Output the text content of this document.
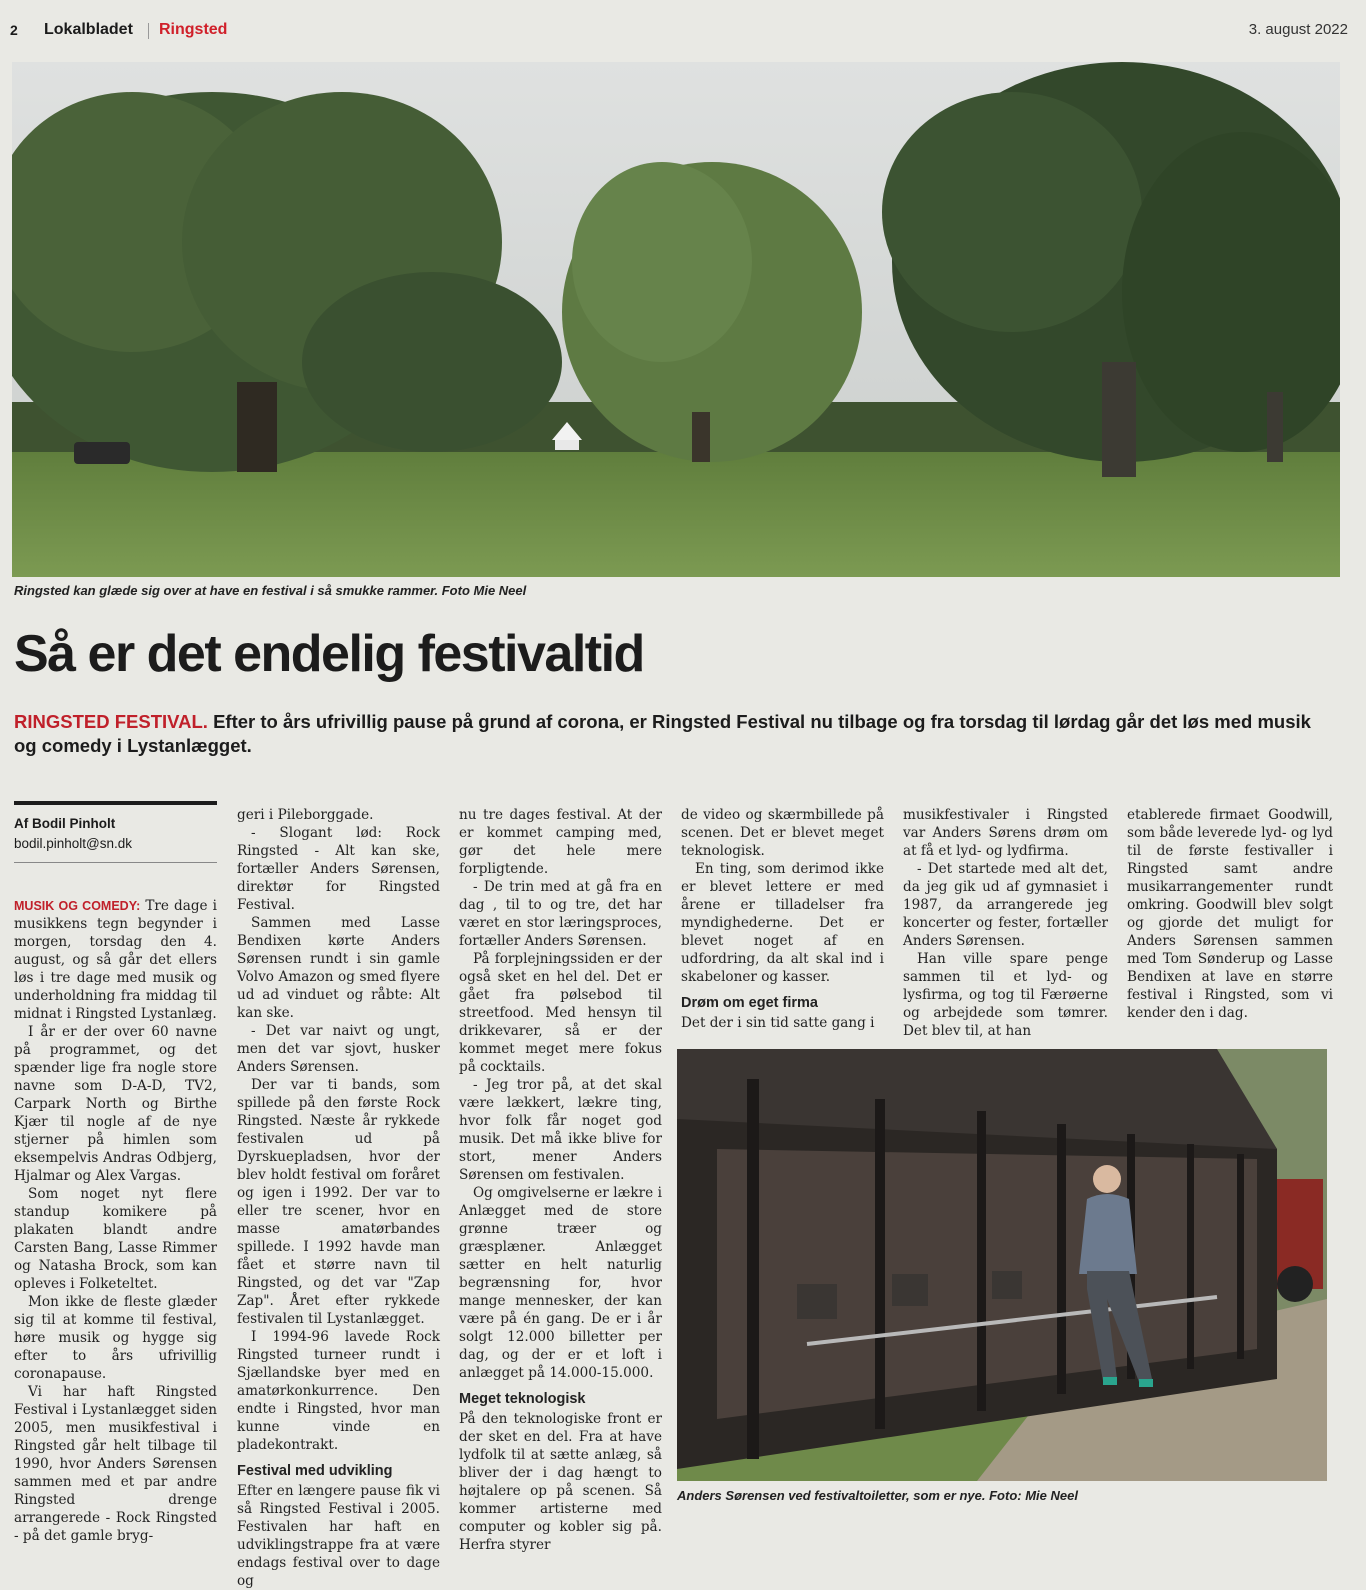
2 Lokalbladet Ringsted	3. august 2022
Ringsted kan glæde sig over at have en festival i så smukke rammer. Foto Mie Neel
Så er det endelig festivaltid
RINGSTED FESTIVAL. Efter to års ufrivillig pause på grund af corona, er Ringsted Festival nu tilbage og fra torsdag til lørdag går det løs med musik og comedy i Lystanlægget.
Af Bodil Pinholt
bodil.pinholt@sn.dk

MUSIK OG COMEDY: Tre dage i musikkens tegn begynder i morgen, torsdag den 4. august, og så går det ellers løs i tre dage med musik og underholdning fra middag til midnat i Ringsted Lystanlæg.

I år er der over 60 navne på programmet, og det spænder lige fra nogle store navne som D-A-D, TV2, Carpark North og Birthe Kjær til nogle af de nye stjerner på himlen som eksempelvis Andras Odbjerg, Hjalmar og Alex Vargas.

Som noget nyt flere standup komikere på plakaten blandt andre Carsten Bang, Lasse Rimmer og Natasha Brock, som kan opleves i Folketeltet.

Mon ikke de fleste glæder sig til at komme til festival, høre musik og hygge sig efter to års ufrivillig coronapause.

Vi har haft Ringsted Festival i Lystanlægget siden 2005, men musikfestival i Ringsted går helt tilbage til 1990, hvor Anders Sørensen sammen med et par andre Ringsted drenge arrangerede - Rock Ringsted - på det gamle bryg-

geri i Pileborggade.

- Slogant lød: Rock Ringsted - Alt kan ske, fortæller Anders Sørensen, direktør for Ringsted Festival.

Sammen med Lasse Bendixen kørte Anders Sørensen rundt i sin gamle Volvo Amazon og smed flyere ud ad vinduet og råbte: Alt kan ske.

- Det var naivt og ungt, men det var sjovt, husker Anders Sørensen.

Der var ti bands, som spillede på den første Rock Ringsted. Næste år rykkede festivalen ud på Dyrskuepladsen, hvor der blev holdt festival om foråret og igen i 1992. Der var to eller tre scener, hvor en masse amatørbandes spillede. I 1992 havde man fået et større navn til Ringsted, og det var "Zap Zap". Året efter rykkede festivalen til Lystanlægget.

I 1994-96 lavede Rock Ringsted turneer rundt i Sjællandske byer med en amatørkonkurrence. Den endte i Ringsted, hvor man kunne vinde en pladekontrakt.

Festival med udvikling

Efter en længere pause fik vi så Ringsted Festival i 2005. Festivalen har haft en udviklingstrappe fra at være endags festival over to dage og

nu tre dages festival. At der er kommet camping med, gør det hele mere forpligtende.

- De trin med at gå fra en dag , til to og tre, det har været en stor læringsproces, fortæller Anders Sørensen.

På forplejningssiden er der også sket en hel del. Det er gået fra pølsebod til streetfood. Med hensyn til drikkevarer, så er der kommet meget mere fokus på cocktails.

- Jeg tror på, at det skal være lækkert, lækre ting, hvor folk får noget god musik. Det må ikke blive for stort, mener Anders Sørensen om festivalen.

Og omgivelserne er lækre i Anlægget med de store grønne træer og græsplæner. Anlægget sætter en helt naturlig begrænsning for, hvor mange mennesker, der kan være på én gang. De er i år solgt 12.000 billetter per dag, og der er et loft i anlægget på 14.000-15.000.

Meget teknologisk

På den teknologiske front er der sket en del. Fra at have lydfolk til at sætte anlæg, så bliver der i dag hængt to højtalere op på scenen. Så kommer artisterne med computer og kobler sig på. Herfra styrer

de video og skærmbillede på scenen. Det er blevet meget teknologisk.

En ting, som derimod ikke er blevet lettere er med årene er tilladelser fra myndighederne. Det er blevet noget af en udfordring, da alt skal ind i skabeloner og kasser.

Drøm om eget firma

Det der i sin tid satte gang i

musikfestivaler i Ringsted var Anders Sørens drøm om at få et lyd- og lydfirma.

- Det startede med alt det, da jeg gik ud af gymnasiet i 1987, da arrangerede jeg koncerter og fester, fortæller Anders Sørensen.

Han ville spare penge sammen til et lyd- og lysfirma, og tog til Færøerne og arbejdede som tømrer. Det blev til, at han

etablerede firmaet Goodwill, som både leverede lyd- og lyd til de første festivaller i Ringsted samt andre musikarrangementer rundt omkring. Goodwill blev solgt og gjorde det muligt for Anders Sørensen sammen med Tom Sønderup og Lasse Bendixen at lave en større festival i Ringsted, som vi kender den i dag.

Anders Sørensen ved festivaltoiletter, som er nye. Foto: Mie Neel
